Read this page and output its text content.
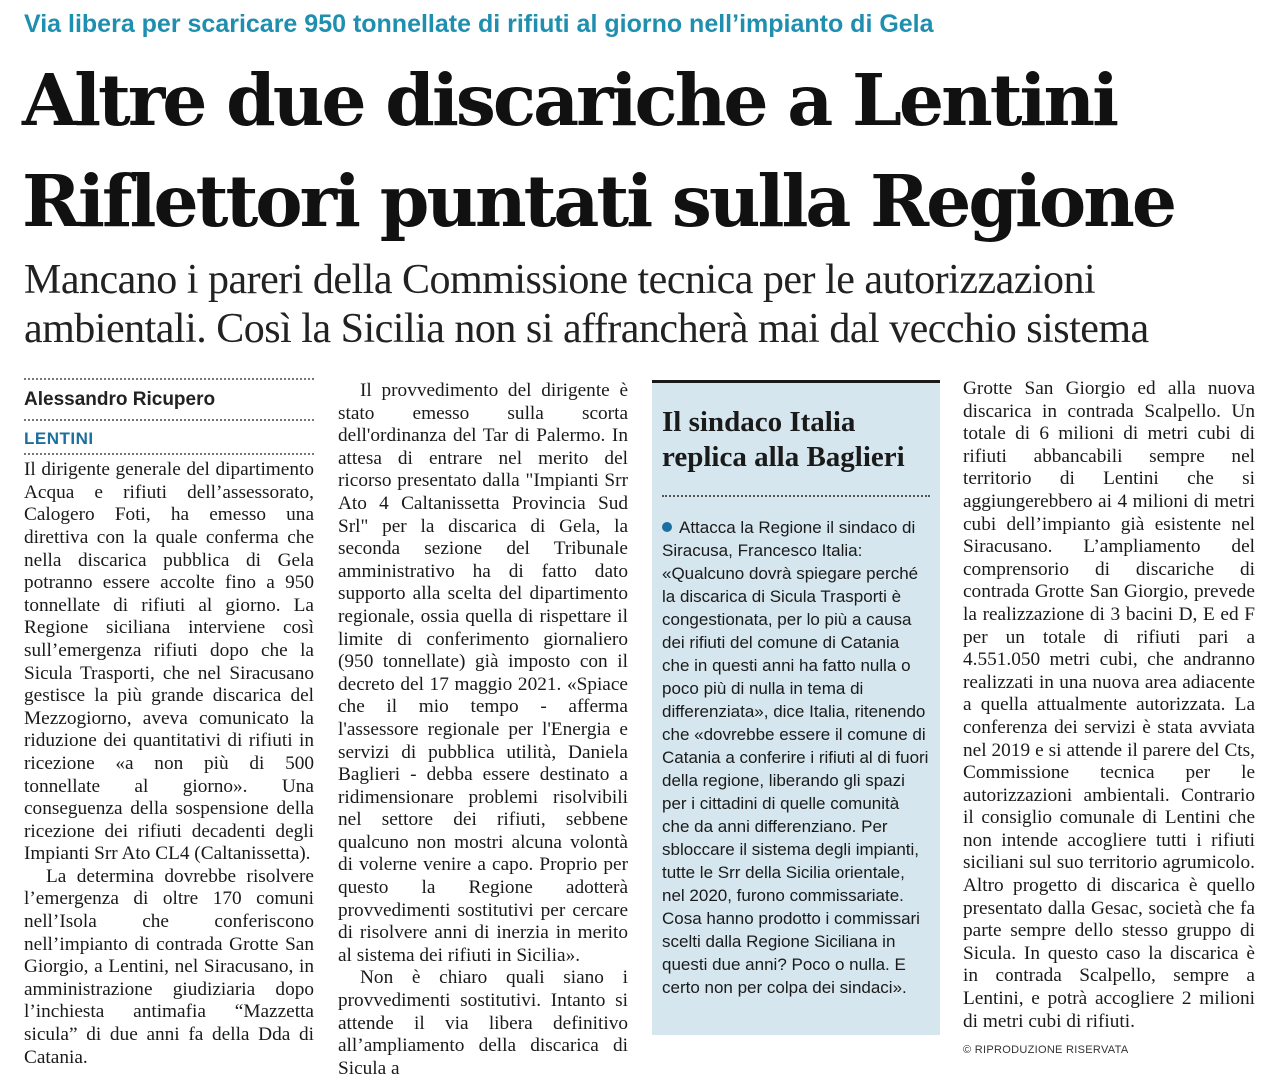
Via libera per scaricare 950 tonnellate di rifiuti al giorno nell’impianto di Gela
Altre due discariche a Lentini
Riflettori puntati sulla Regione
Mancano i pareri della Commissione tecnica per le autorizzazioni
ambientali. Così la Sicilia non si affrancherà mai dal vecchio sistema
Alessandro Ricupero
LENTINI

Il dirigente generale del dipartimento Acqua e rifiuti dell’assessorato, Calogero Foti, ha emesso una direttiva con la quale conferma che nella discarica pubblica di Gela potranno essere accolte fino a 950 tonnellate di rifiuti al giorno. La Regione siciliana interviene così sull’emergenza rifiuti dopo che la Sicula Trasporti, che nel Siracusano gestisce la più grande discarica del Mezzogiorno, aveva comunicato la riduzione dei quantitativi di rifiuti in ricezione «a non più di 500 tonnellate al giorno». Una conseguenza della sospensione della ricezione dei rifiuti decadenti degli Impianti Srr Ato CL4 (Caltanissetta).

La determina dovrebbe risolvere l’emergenza di oltre 170 comuni nell’Isola che conferiscono nell’impianto di contrada Grotte San Giorgio, a Lentini, nel Siracusano, in amministrazione giudiziaria dopo l’inchiesta antimafia “Mazzetta sicula” di due anni fa della Dda di Catania.

Il provvedimento del dirigente è stato emesso sulla scorta dell'ordinanza del Tar di Palermo. In attesa di entrare nel merito del ricorso presentato dalla "Impianti Srr Ato 4 Caltanissetta Provincia Sud Srl" per la discarica di Gela, la seconda sezione del Tribunale amministrativo ha di fatto dato supporto alla scelta del dipartimento regionale, ossia quella di rispettare il limite di conferimento giornaliero (950 tonnellate) già imposto con il decreto del 17 maggio 2021. «Spiace che il mio tempo - afferma l'assessore regionale per l'Energia e servizi di pubblica utilità, Daniela Baglieri - debba essere destinato a ridimensionare problemi risolvibili nel settore dei rifiuti, sebbene qualcuno non mostri alcuna volontà di volerne venire a capo. Proprio per questo la Regione adotterà provvedimenti sostitutivi per cercare di risolvere anni di inerzia in merito al sistema dei rifiuti in Sicilia».

Non è chiaro quali siano i provvedimenti sostitutivi. Intanto si attende il via libera definitivo all’ampliamento della discarica di Sicula a

Il sindaco Italia replica alla Baglieri

Attacca la Regione il sindaco di Siracusa, Francesco Italia: «Qualcuno dovrà spiegare perché la discarica di Sicula Trasporti è congestionata, per lo più a causa dei rifiuti del comune di Catania che in questi anni ha fatto nulla o poco più di nulla in tema di differenziata», dice Italia, ritenendo che «dovrebbe essere il comune di Catania a conferire i rifiuti al di fuori della regione, liberando gli spazi per i cittadini di quelle comunità che da anni differenziano. Per sbloccare il sistema degli impianti, tutte le Srr della Sicilia orientale, nel 2020, furono commissariate. Cosa hanno prodotto i commissari scelti dalla Regione Siciliana in questi due anni? Poco o nulla. E certo non per colpa dei sindaci».

Grotte San Giorgio ed alla nuova discarica in contrada Scalpello. Un totale di 6 milioni di metri cubi di rifiuti abbancabili sempre nel territorio di Lentini che si aggiungerebbero ai 4 milioni di metri cubi dell’impianto già esistente nel Siracusano. L’ampliamento del comprensorio di discariche di contrada Grotte San Giorgio, prevede la realizzazione di 3 bacini D, E ed F per un totale di rifiuti pari a 4.551.050 metri cubi, che andranno realizzati in una nuova area adiacente a quella attualmente autorizzata. La conferenza dei servizi è stata avviata nel 2019 e si attende il parere del Cts, Commissione tecnica per le autorizzazioni ambientali. Contrario il consiglio comunale di Lentini che non intende accogliere tutti i rifiuti siciliani sul suo territorio agrumicolo. Altro progetto di discarica è quello presentato dalla Gesac, società che fa parte sempre dello stesso gruppo di Sicula. In questo caso la discarica è in contrada Scalpello, sempre a Lentini, e potrà accogliere 2 milioni di metri cubi di rifiuti.

© RIPRODUZIONE RISERVATA
